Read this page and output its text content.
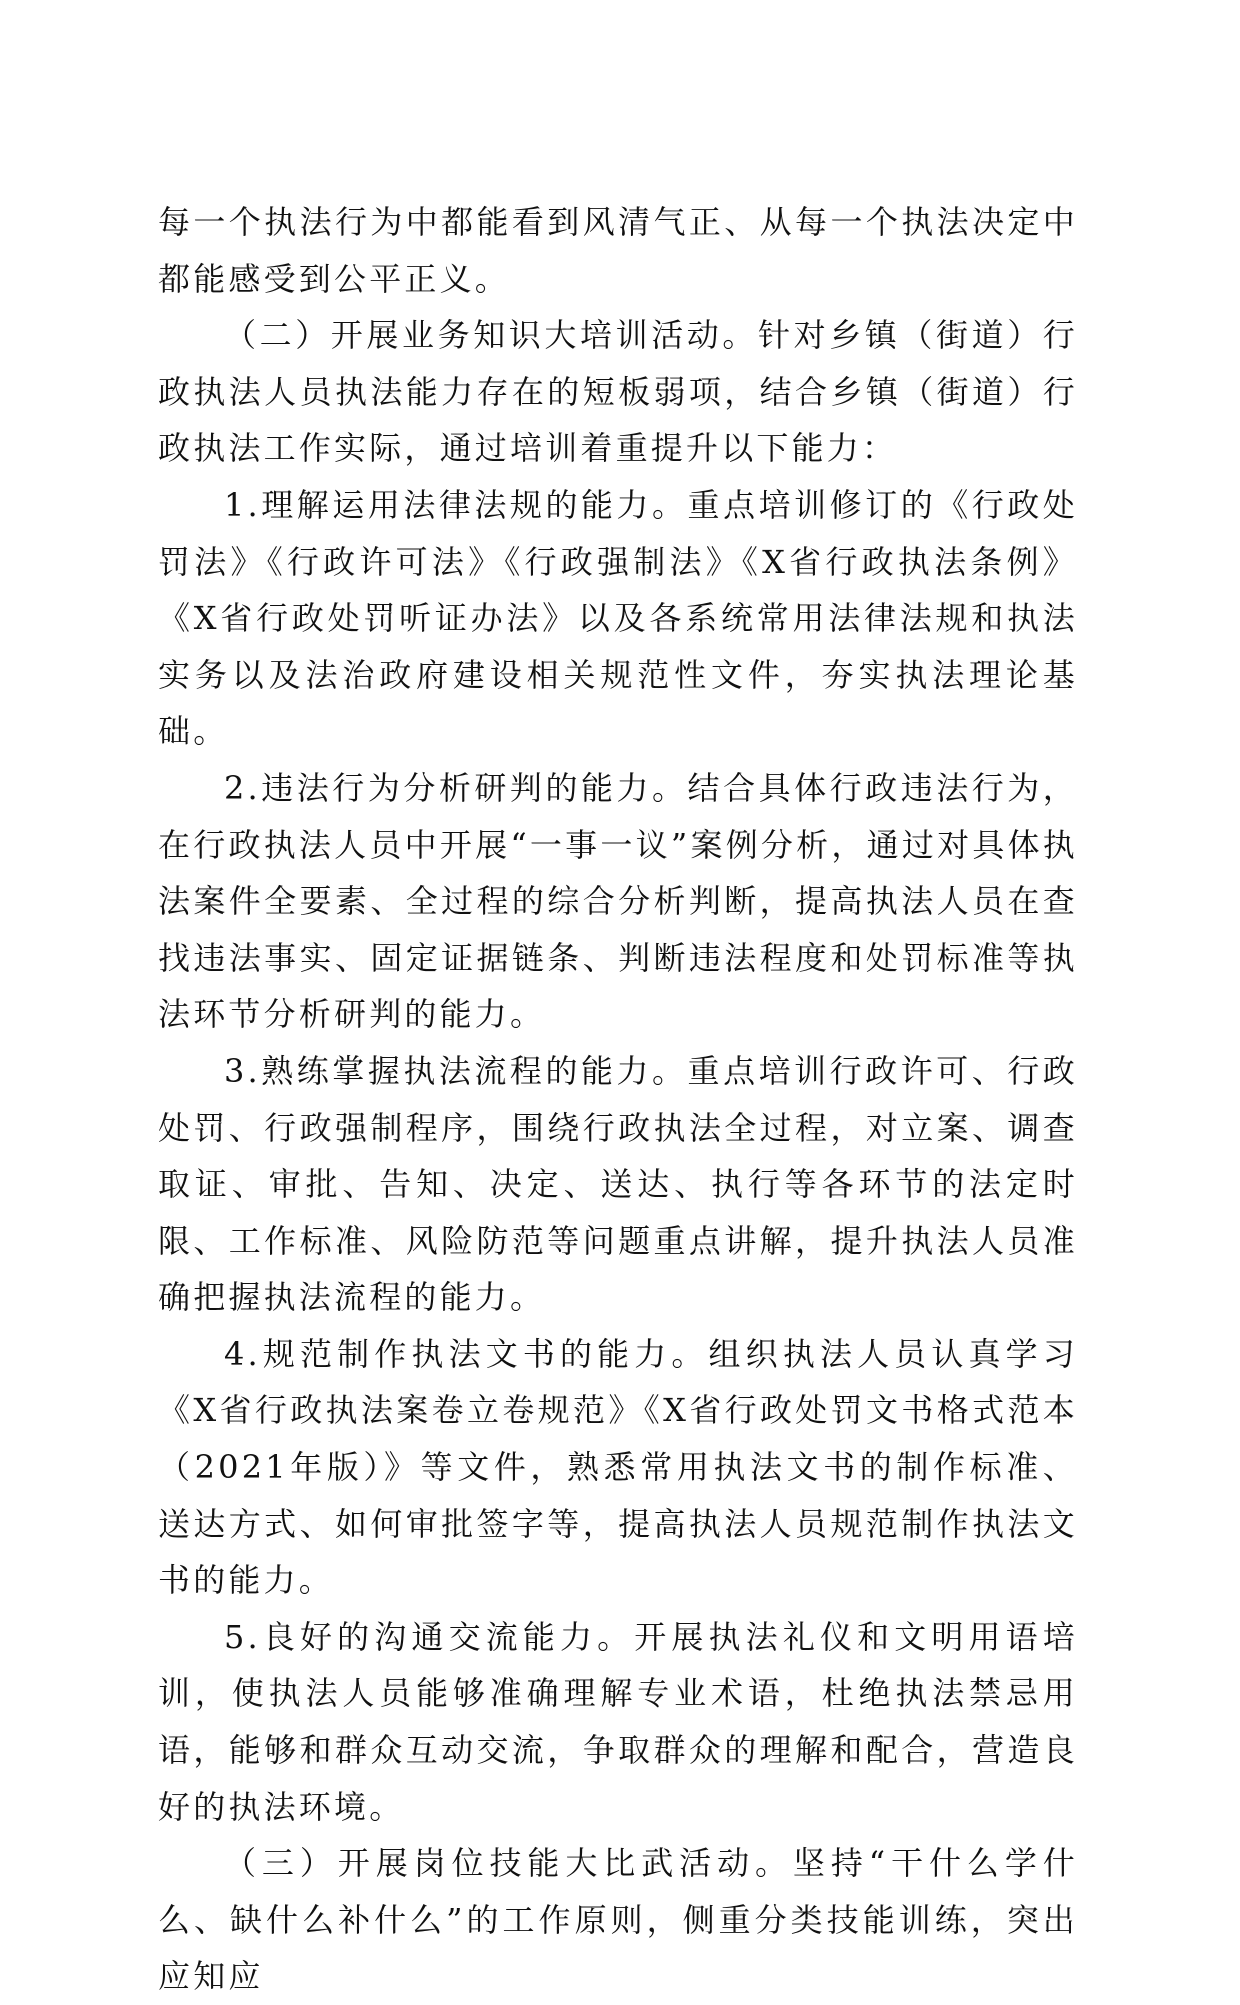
每一个执法行为中都能看到风清气正、从每一个执法决定中都能感受到公平正义。

（二）开展业务知识大培训活动。针对乡镇（街道）行政执法人员执法能力存在的短板弱项，结合乡镇（街道）行政执法工作实际，通过培训着重提升以下能力：

1.理解运用法律法规的能力。重点培训修订的《行政处罚法》《行政许可法》《行政强制法》《X省行政执法条例》《X省行政处罚听证办法》以及各系统常用法律法规和执法实务以及法治政府建设相关规范性文件，夯实执法理论基础。

2.违法行为分析研判的能力。结合具体行政违法行为，在行政执法人员中开展“一事一议”案例分析，通过对具体执法案件全要素、全过程的综合分析判断，提高执法人员在查找违法事实、固定证据链条、判断违法程度和处罚标准等执法环节分析研判的能力。

3.熟练掌握执法流程的能力。重点培训行政许可、行政处罚、行政强制程序，围绕行政执法全过程，对立案、调查取证、审批、告知、决定、送达、执行等各环节的法定时限、工作标准、风险防范等问题重点讲解，提升执法人员准确把握执法流程的能力。

4.规范制作执法文书的能力。组织执法人员认真学习《X省行政执法案卷立卷规范》《X省行政处罚文书格式范本（2021年版）》等文件，熟悉常用执法文书的制作标准、送达方式、如何审批签字等，提高执法人员规范制作执法文书的能力。

5.良好的沟通交流能力。开展执法礼仪和文明用语培训，使执法人员能够准确理解专业术语，杜绝执法禁忌用语，能够和群众互动交流，争取群众的理解和配合，营造良好的执法环境。

（三）开展岗位技能大比武活动。坚持“干什么学什么、缺什么补什么”的工作原则，侧重分类技能训练，突出应知应
